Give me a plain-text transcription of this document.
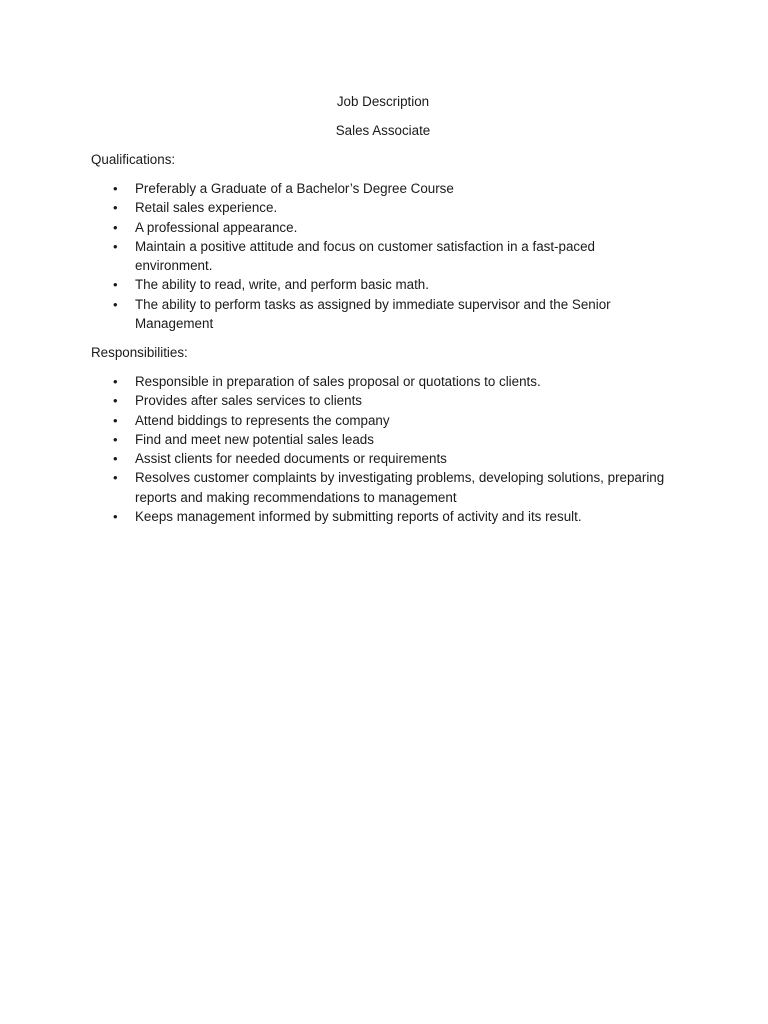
Job Description
Sales Associate
Qualifications:
• Preferably a Graduate of a Bachelor’s Degree Course
• Retail sales experience.
• A professional appearance.
• Maintain a positive attitude and focus on customer satisfaction in a fast-paced environment.
• The ability to read, write, and perform basic math.
• The ability to perform tasks as assigned by immediate supervisor and the Senior Management
Responsibilities:
• Responsible in preparation of sales proposal or quotations to clients.
• Provides after sales services to clients
• Attend biddings to represents the company
• Find and meet new potential sales leads
• Assist clients for needed documents or requirements
• Resolves customer complaints by investigating problems, developing solutions, preparing reports and making recommendations to management
• Keeps management informed by submitting reports of activity and its result.
